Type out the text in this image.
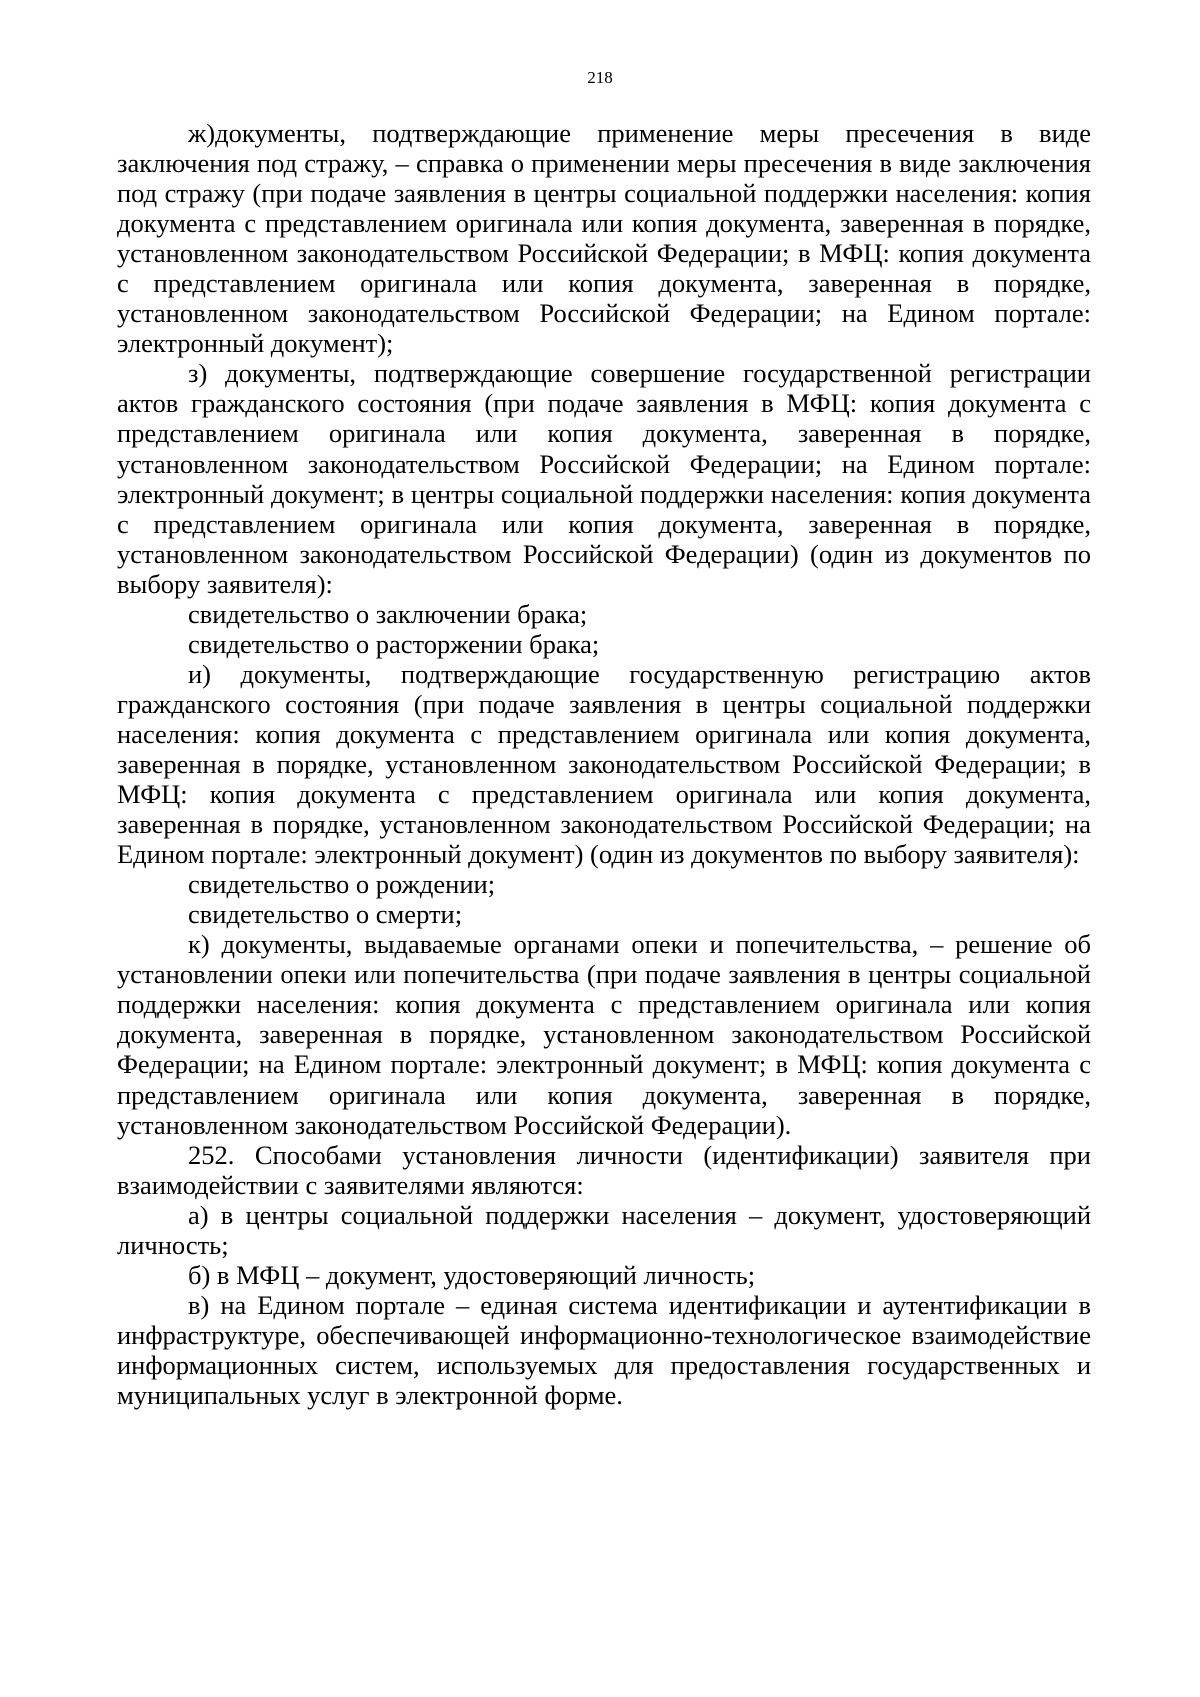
218

ж)документы, подтверждающие применение меры пресечения в виде заключения под стражу, – справка о применении меры пресечения в виде заключения под стражу (при подаче заявления в центры социальной поддержки населения: копия документа с представлением оригинала или копия документа, заверенная в порядке, установленном законодательством Российской Федерации; в МФЦ: копия документа с представлением оригинала или копия документа, заверенная в порядке, установленном законодательством Российской Федерации; на Едином портале: электронный документ);

з) документы, подтверждающие совершение государственной регистрации актов гражданского состояния (при подаче заявления в МФЦ: копия документа с представлением оригинала или копия документа, заверенная в порядке, установленном законодательством Российской Федерации; на Едином портале: электронный документ; в центры социальной поддержки населения: копия документа с представлением оригинала или копия документа, заверенная в порядке, установленном законодательством Российской Федерации) (один из документов по выбору заявителя):

свидетельство о заключении брака;

свидетельство о расторжении брака;

и) документы, подтверждающие государственную регистрацию актов гражданского состояния (при подаче заявления в центры социальной поддержки населения: копия документа с представлением оригинала или копия документа, заверенная в порядке, установленном законодательством Российской Федерации; в МФЦ: копия документа с представлением оригинала или копия документа, заверенная в порядке, установленном законодательством Российской Федерации; на Едином портале: электронный документ) (один из документов по выбору заявителя):

свидетельство о рождении;

свидетельство о смерти;

к) документы, выдаваемые органами опеки и попечительства, – решение об установлении опеки или попечительства (при подаче заявления в центры социальной поддержки населения: копия документа с представлением оригинала или копия документа, заверенная в порядке, установленном законодательством Российской Федерации; на Едином портале: электронный документ; в МФЦ: копия документа с представлением оригинала или копия документа, заверенная в порядке, установленном законодательством Российской Федерации).

252. Способами установления личности (идентификации) заявителя при взаимодействии с заявителями являются:

а) в центры социальной поддержки населения – документ, удостоверяющий личность;

б) в МФЦ – документ, удостоверяющий личность;

в) на Едином портале – единая система идентификации и аутентификации в инфраструктуре, обеспечивающей информационно-технологическое взаимодействие информационных систем, используемых для предоставления государственных и муниципальных услуг в электронной форме.
